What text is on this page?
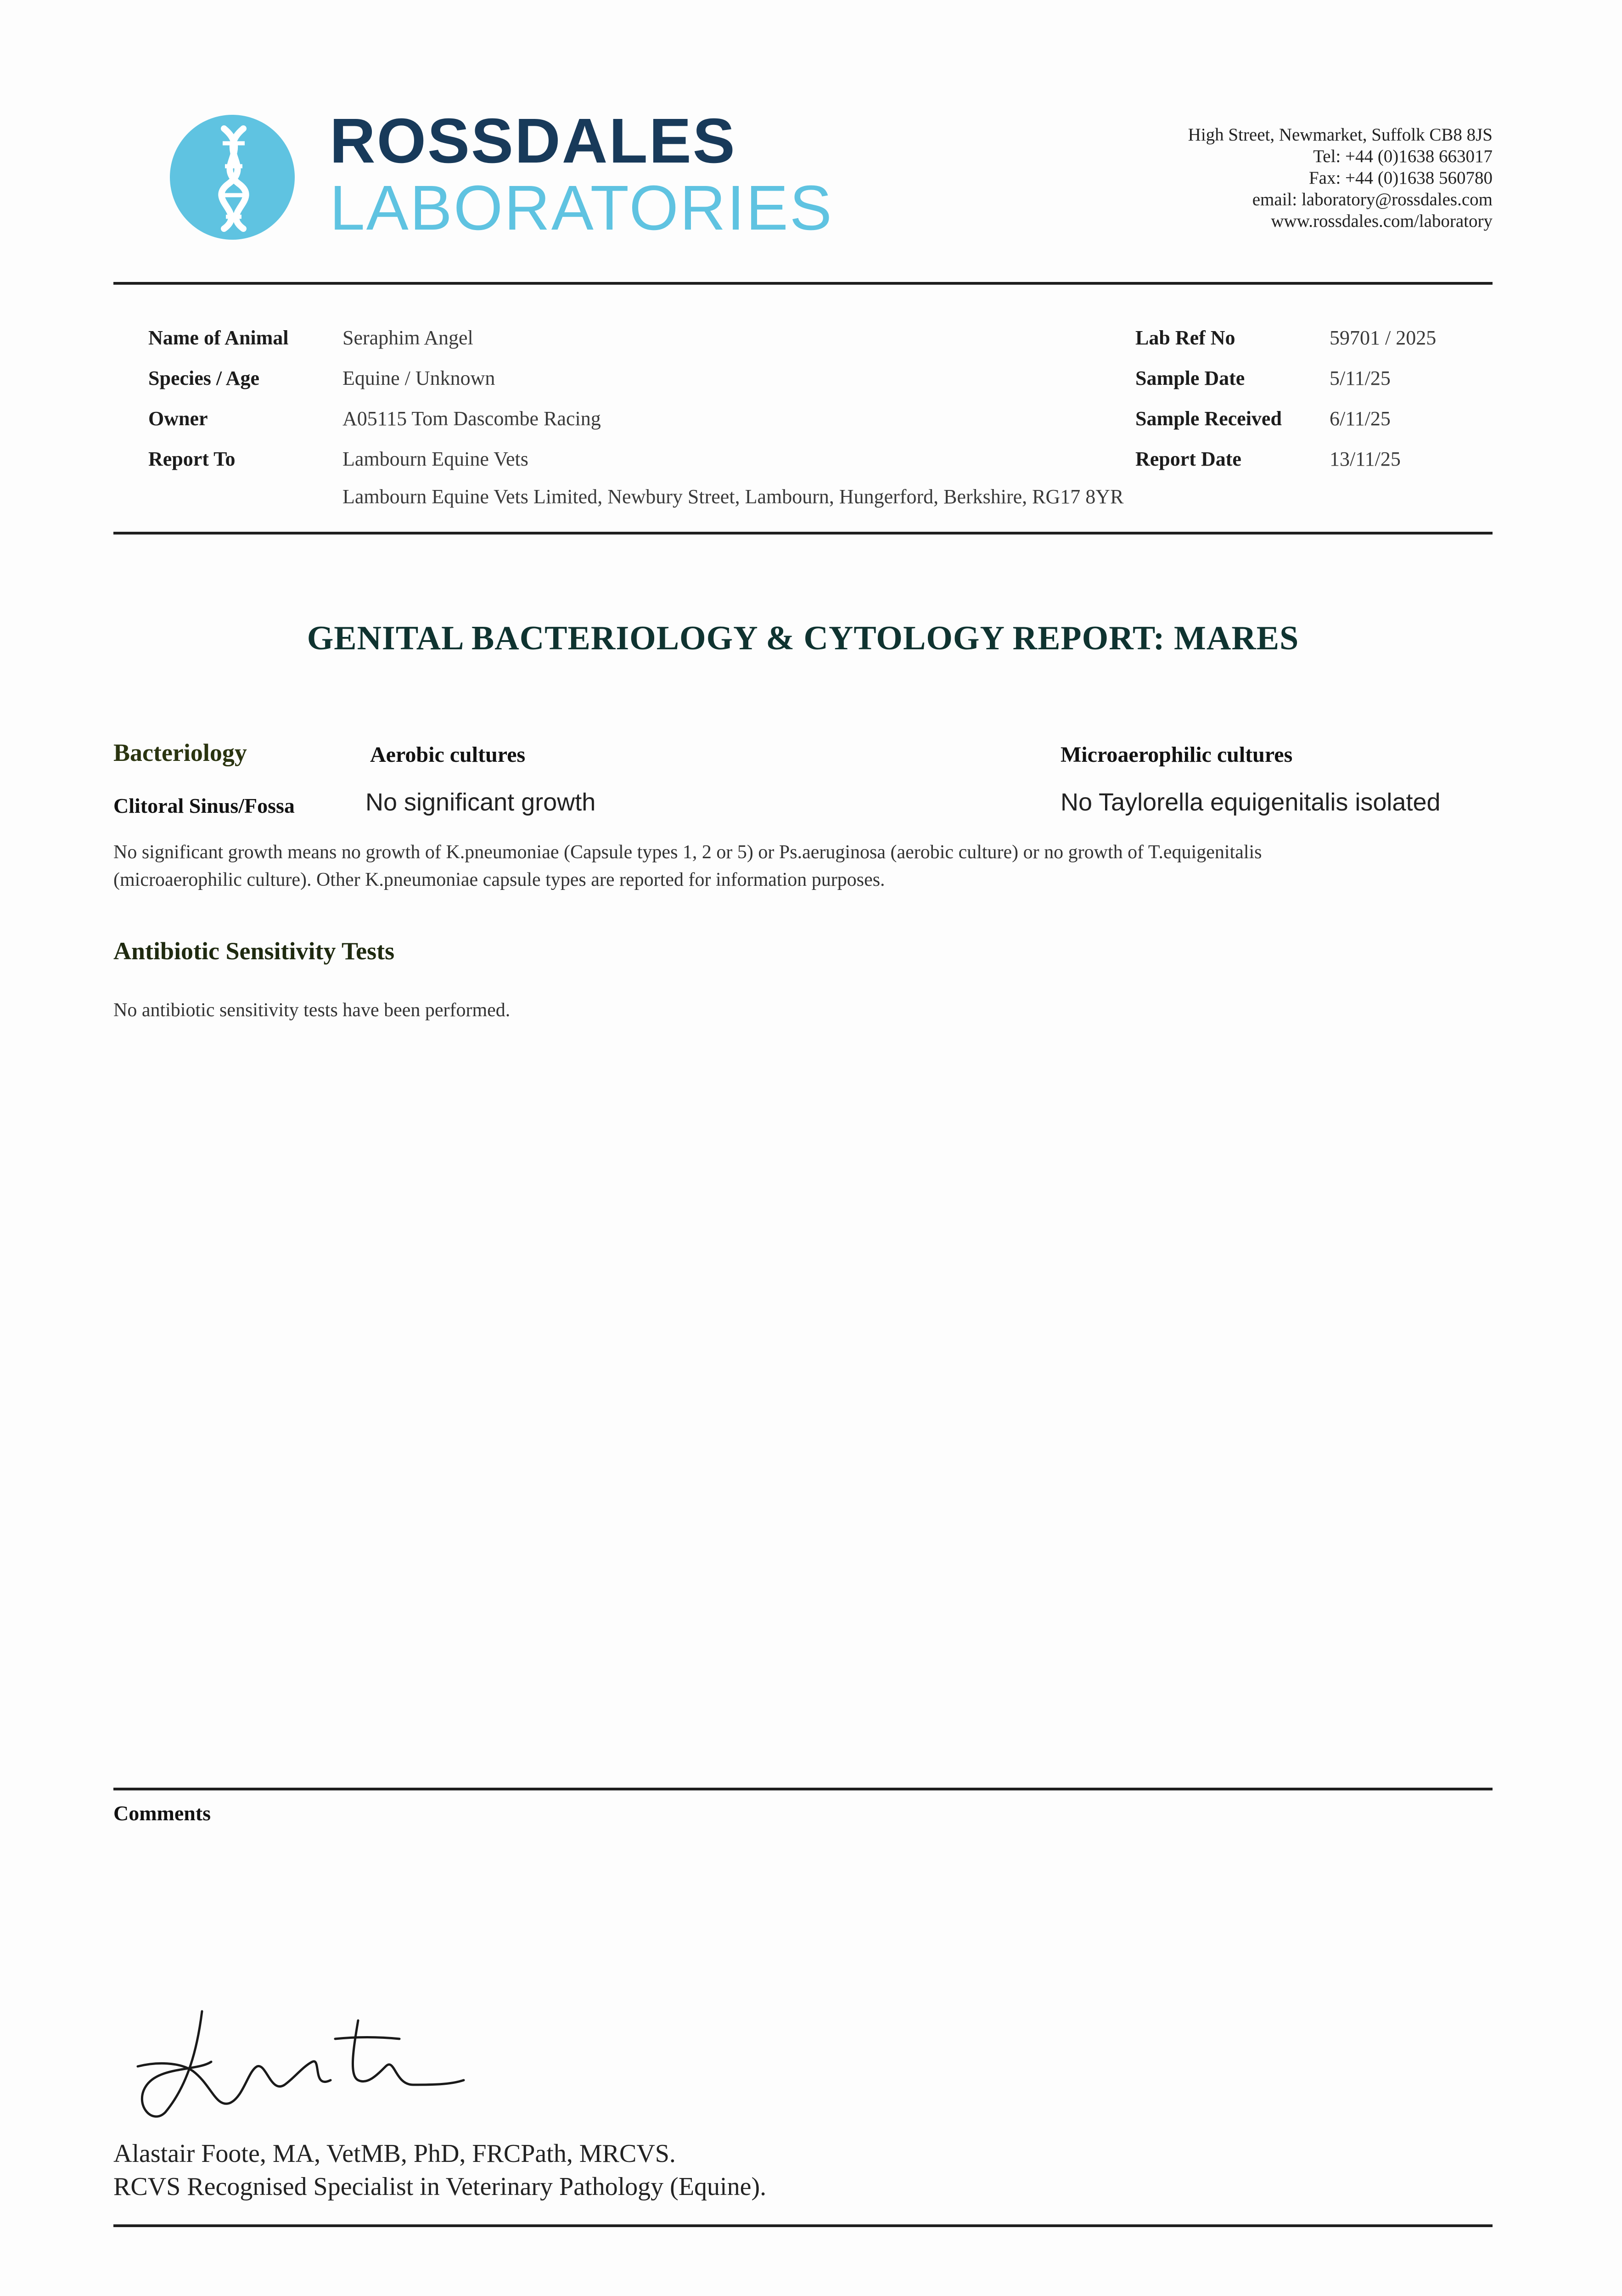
ROSSDALES
LABORATORIES
High Street, Newmarket, Suffolk CB8 8JS
Tel: +44 (0)1638 663017
Fax: +44 (0)1638 560780
email: laboratory@rossdales.com
www.rossdales.com/laboratory
Name of Animal	Seraphim Angel
Species / Age	Equine / Unknown
Owner	A05115 Tom Dascombe Racing
Report To	Lambourn Equine Vets
Lambourn Equine Vets Limited, Newbury Street, Lambourn, Hungerford, Berkshire, RG17 8YR
Lab Ref No	59701 / 2025
Sample Date	5/11/25
Sample Received 6/11/25
Report Date	13/11/25
GENITAL BACTERIOLOGY & CYTOLOGY REPORT: MARES
Bacteriology	Aerobic cultures	Microaerophilic cultures
Clitoral Sinus/Fossa	No significant growth	No Taylorella equigenitalis isolated
No significant growth means no growth of K.pneumoniae (Capsule types 1, 2 or 5) or Ps.aeruginosa (aerobic culture) or no growth of T.equigenitalis
(microaerophilic culture). Other K.pneumoniae capsule types are reported for information purposes.
Antibiotic Sensitivity Tests
No antibiotic sensitivity tests have been performed.
Comments
Alastair Foote, MA, VetMB, PhD, FRCPath, MRCVS.
RCVS Recognised Specialist in Veterinary Pathology (Equine).
